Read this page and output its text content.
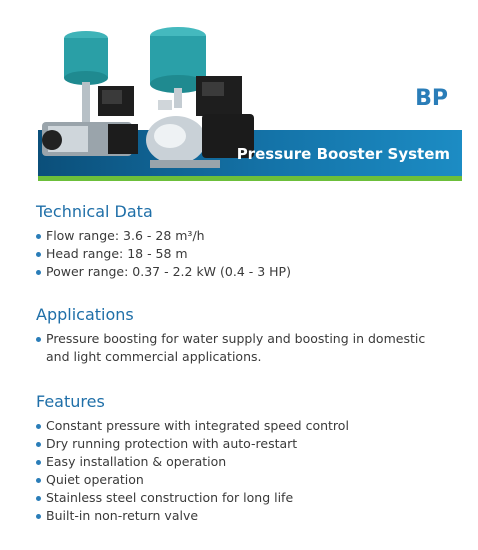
BP
Pressure Booster System
Technical Data
Flow range: 3.6 - 28 m³/h
Head range: 18 - 58 m
Power range: 0.37 - 2.2 kW (0.4 - 3 HP)
Applications
Pressure boosting for water supply and boosting in domestic and light commercial applications.
Features
Constant pressure with integrated speed control
Dry running protection with auto-restart
Easy installation & operation
Quiet operation
Stainless steel construction for long life
Built-in non-return valve
